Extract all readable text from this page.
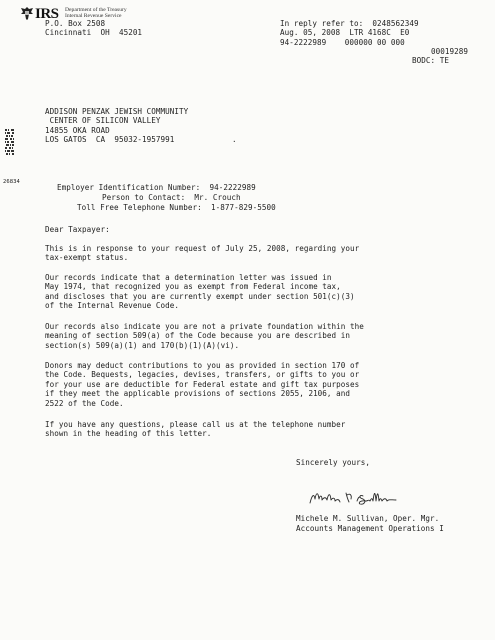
IRS Department of the Treasury
Internal Revenue Service
P.O. Box 2508
Cincinnati  OH  45201
In reply refer to:  0248562349
Aug. 05, 2008  LTR 4168C  E0
94-2222989    000000 00 000
00019289
BODC: TE
ADDISON PENZAK JEWISH COMMUNITY
CENTER OF SILICON VALLEY
14855 OKA ROAD
LOS GATOS  CA  95032-1957991	.
26834
Employer Identification Number:  94-2222989
Person to Contact:  Mr. Crouch
Toll Free Telephone Number:  1-877-829-5500
Dear Taxpayer:
This is in response to your request of July 25, 2008, regarding your
tax-exempt status.
Our records indicate that a determination letter was issued in
May 1974, that recognized you as exempt from Federal income tax,
and discloses that you are currently exempt under section 501(c)(3)
of the Internal Revenue Code.
Our records also indicate you are not a private foundation within the
meaning of section 509(a) of the Code because you are described in
section(s) 509(a)(1) and 170(b)(1)(A)(vi).
Donors may deduct contributions to you as provided in section 170 of
the Code. Bequests, legacies, devises, transfers, or gifts to you or
for your use are deductible for Federal estate and gift tax purposes
if they meet the applicable provisions of sections 2055, 2106, and
2522 of the Code.
If you have any questions, please call us at the telephone number
shown in the heading of this letter.
Sincerely yours,
Michele M. Sullivan, Oper. Mgr.
Accounts Management Operations I
